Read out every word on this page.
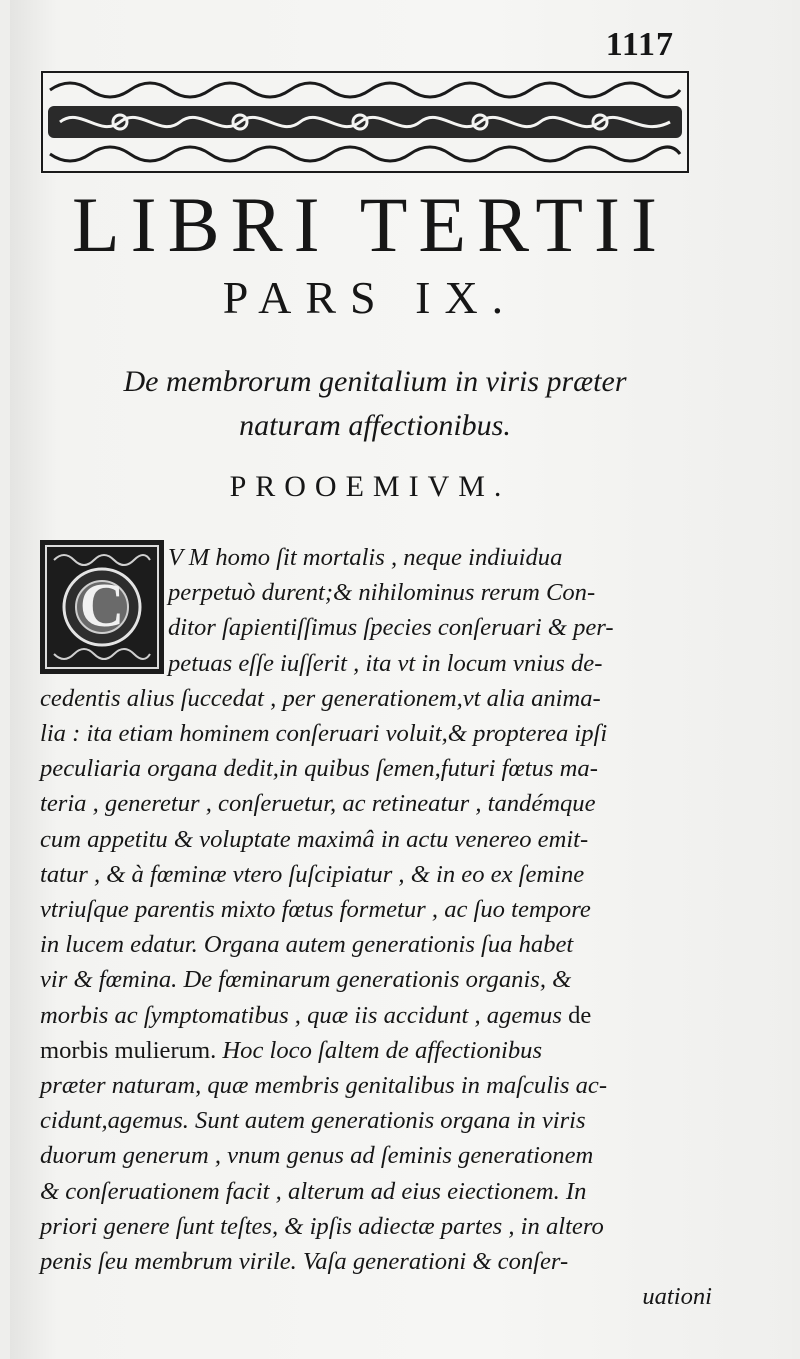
1117
LIBRI TERTII
PARS IX.
De membrorum genitalium in viris præter
naturam affectionibus.
PROOEMIVM.
C
V M homo ſit mortalis , neque indiuidua
perpetuò durent;& nihilominus rerum Con-
ditor ſapientiſſimus ſpecies conſeruari & per-
petuas eſſe iuſſerit , ita vt in locum vnius de-
cedentis alius ſuccedat , per generationem,vt alia anima-
lia : ita etiam hominem conſeruari voluit,& propterea ipſi
peculiaria organa dedit,in quibus ſemen,futuri fœtus ma-
teria , generetur , conſeruetur, ac retineatur , tandémque
cum appetitu & voluptate maximâ in actu venereo emit-
tatur , & à fœminæ vtero ſuſcipiatur , & in eo ex ſemine
vtriuſque parentis mixto fœtus formetur , ac ſuo tempore
in lucem edatur. Organa autem generationis ſua habet
vir & fœmina. De fœminarum generationis organis, &
morbis ac ſymptomatibus , quæ iis accidunt , agemus de
morbis mulierum. Hoc loco ſaltem de affectionibus
præter naturam, quæ membris genitalibus in maſculis ac-
cidunt,agemus. Sunt autem generationis organa in viris
duorum generum , vnum genus ad ſeminis generationem
& conſeruationem facit , alterum ad eius eiectionem. In
priori genere ſunt teſtes, & ipſis adiectæ partes , in altero
penis ſeu membrum virile. Vaſa generationi & conſer-
uationi
